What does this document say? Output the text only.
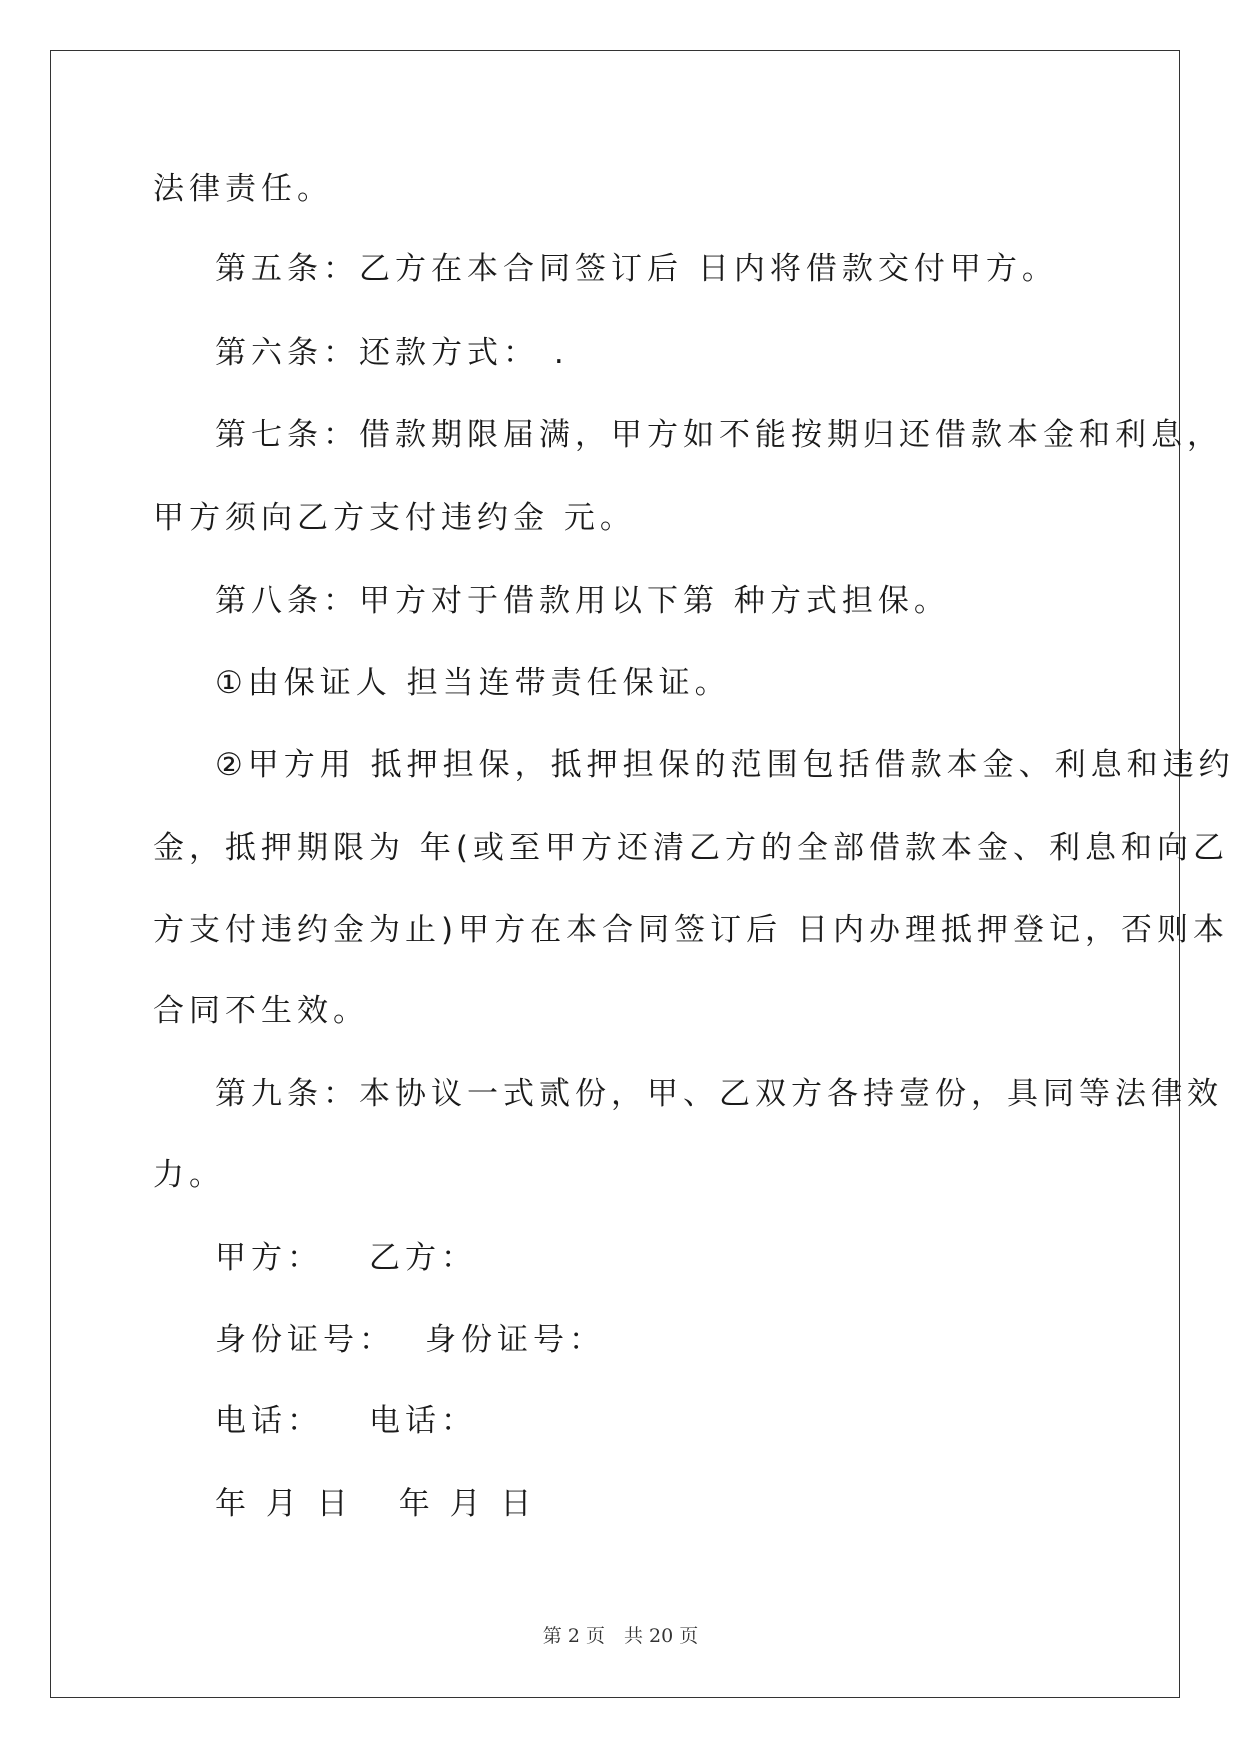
法律责任。
第五条：乙方在本合同签订后 日内将借款交付甲方。
第六条：还款方式： .
第七条：借款期限届满，甲方如不能按期归还借款本金和利息，
甲方须向乙方支付违约金 元。
第八条：甲方对于借款用以下第 种方式担保。
①由保证人 担当连带责任保证。
②甲方用 抵押担保，抵押担保的范围包括借款本金、利息和违约
金，抵押期限为 年(或至甲方还清乙方的全部借款本金、利息和向乙
方支付违约金为止)甲方在本合同签订后 日内办理抵押登记，否则本
合同不生效。
第九条：本协议一式贰份，甲、乙双方各持壹份，具同等法律效
力。
甲方： 乙方：
身份证号： 身份证号：
电话： 电话：
年 月 日 年 月 日
第 2 页　共 20 页
